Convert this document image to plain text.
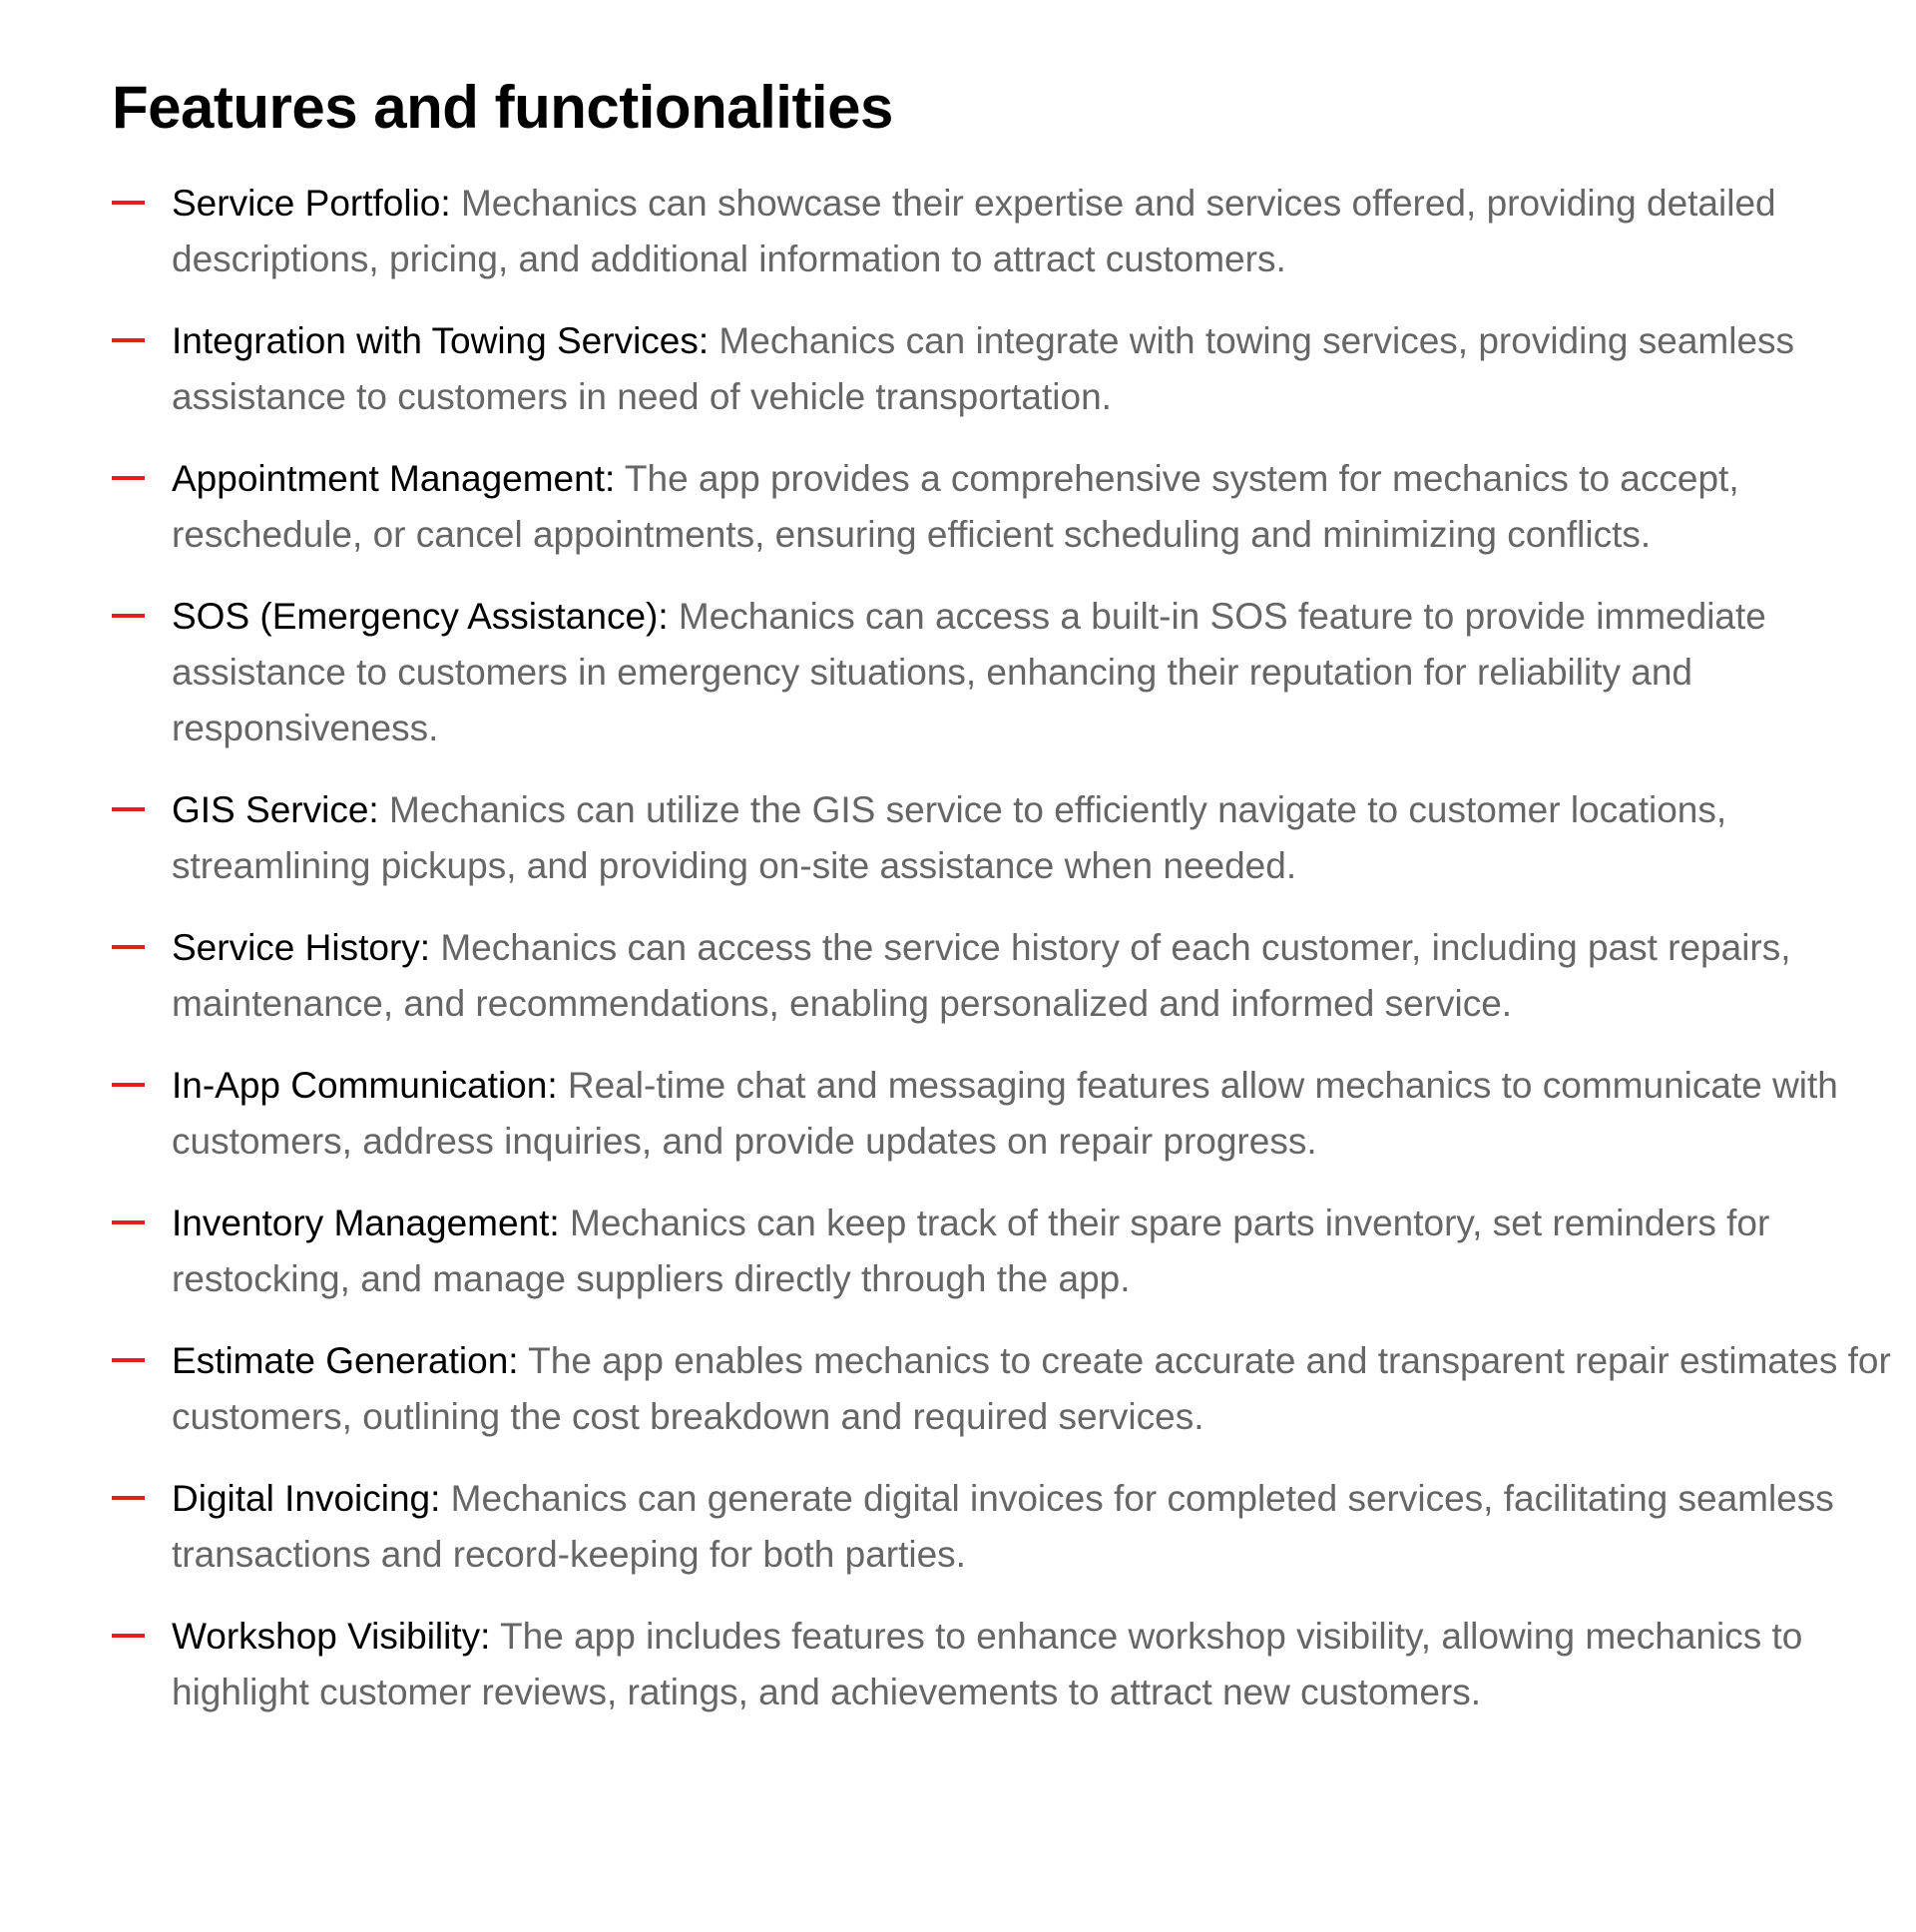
Features and functionalities
Service Portfolio: Mechanics can showcase their expertise and services offered, providing detailed descriptions, pricing, and additional information to attract customers.
Integration with Towing Services: Mechanics can integrate with towing services, providing seamless assistance to customers in need of vehicle transportation.
Appointment Management: The app provides a comprehensive system for mechanics to accept, reschedule, or cancel appointments, ensuring efficient scheduling and minimizing conflicts.
SOS (Emergency Assistance): Mechanics can access a built-in SOS feature to provide immediate assistance to customers in emergency situations, enhancing their reputation for reliability and responsiveness.
GIS Service: Mechanics can utilize the GIS service to efficiently navigate to customer locations, streamlining pickups, and providing on-site assistance when needed.
Service History: Mechanics can access the service history of each customer, including past repairs, maintenance, and recommendations, enabling personalized and informed service.
In-App Communication: Real-time chat and messaging features allow mechanics to communicate with customers, address inquiries, and provide updates on repair progress.
Inventory Management: Mechanics can keep track of their spare parts inventory, set reminders for restocking, and manage suppliers directly through the app.
Estimate Generation: The app enables mechanics to create accurate and transparent repair estimates for customers, outlining the cost breakdown and required services.
Digital Invoicing: Mechanics can generate digital invoices for completed services, facilitating seamless transactions and record-keeping for both parties.
Workshop Visibility: The app includes features to enhance workshop visibility, allowing mechanics to highlight customer reviews, ratings, and achievements to attract new customers.
